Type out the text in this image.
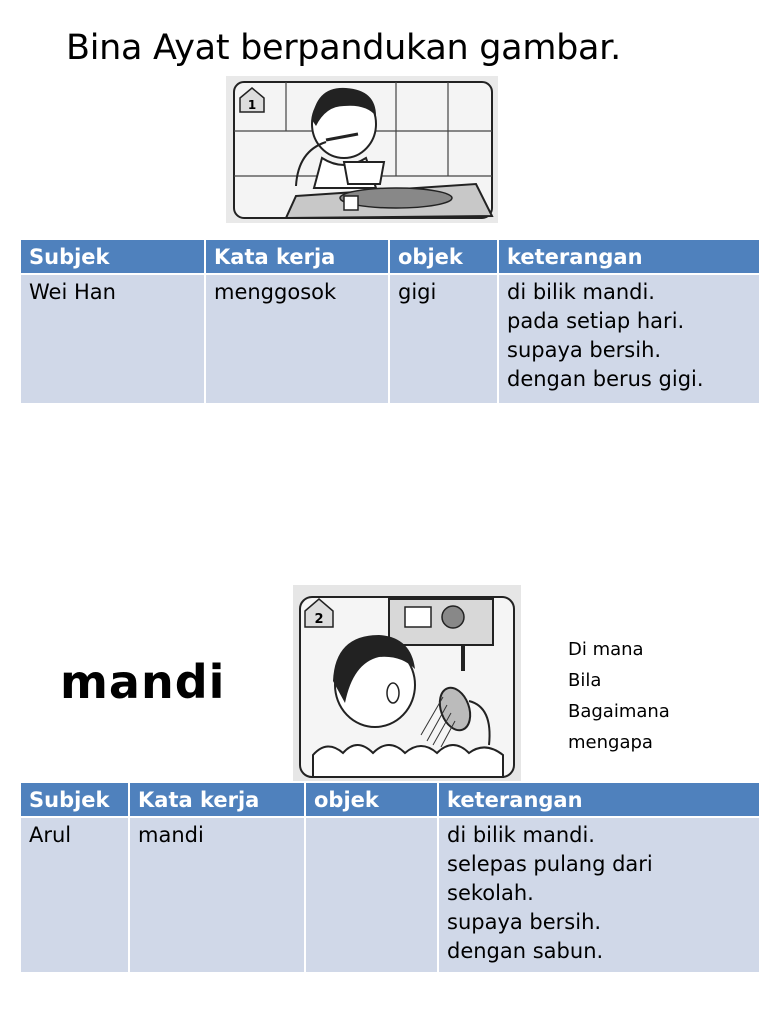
Bina Ayat berpandukan gambar.
1
Subjek	Kata kerja	objek	keterangan
Wei Han	menggosok	gigi	di bilik mandi.
pada setiap hari.
supaya bersih.
dengan berus gigi.
mandi
2
Di mana
Bila
Bagaimana
mengapa
Subjek	Kata kerja	objek	keterangan
Arul	mandi		di bilik mandi.
selepas pulang dari
sekolah.
supaya bersih.
dengan sabun.
